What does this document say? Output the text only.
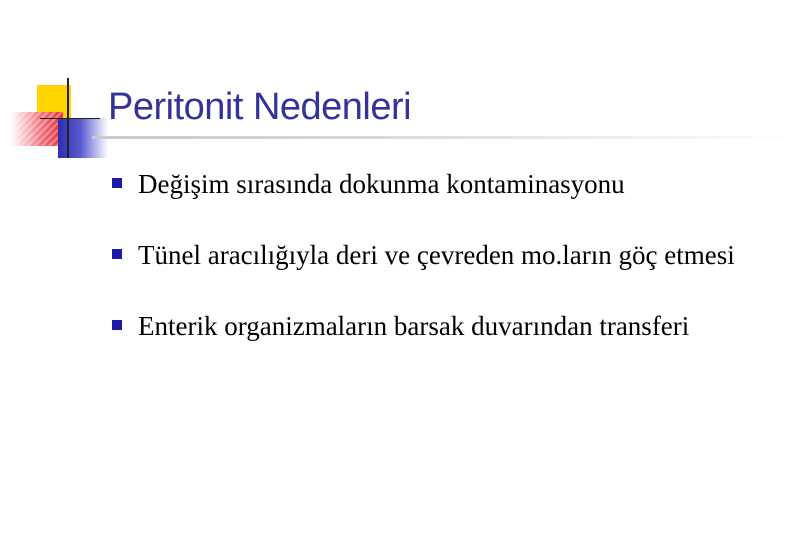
Peritonit Nedenleri
Değişim sırasında dokunma kontaminasyonu
Tünel aracılığıyla deri ve çevreden mo.ların göç etmesi
Enterik organizmaların barsak duvarından transferi
